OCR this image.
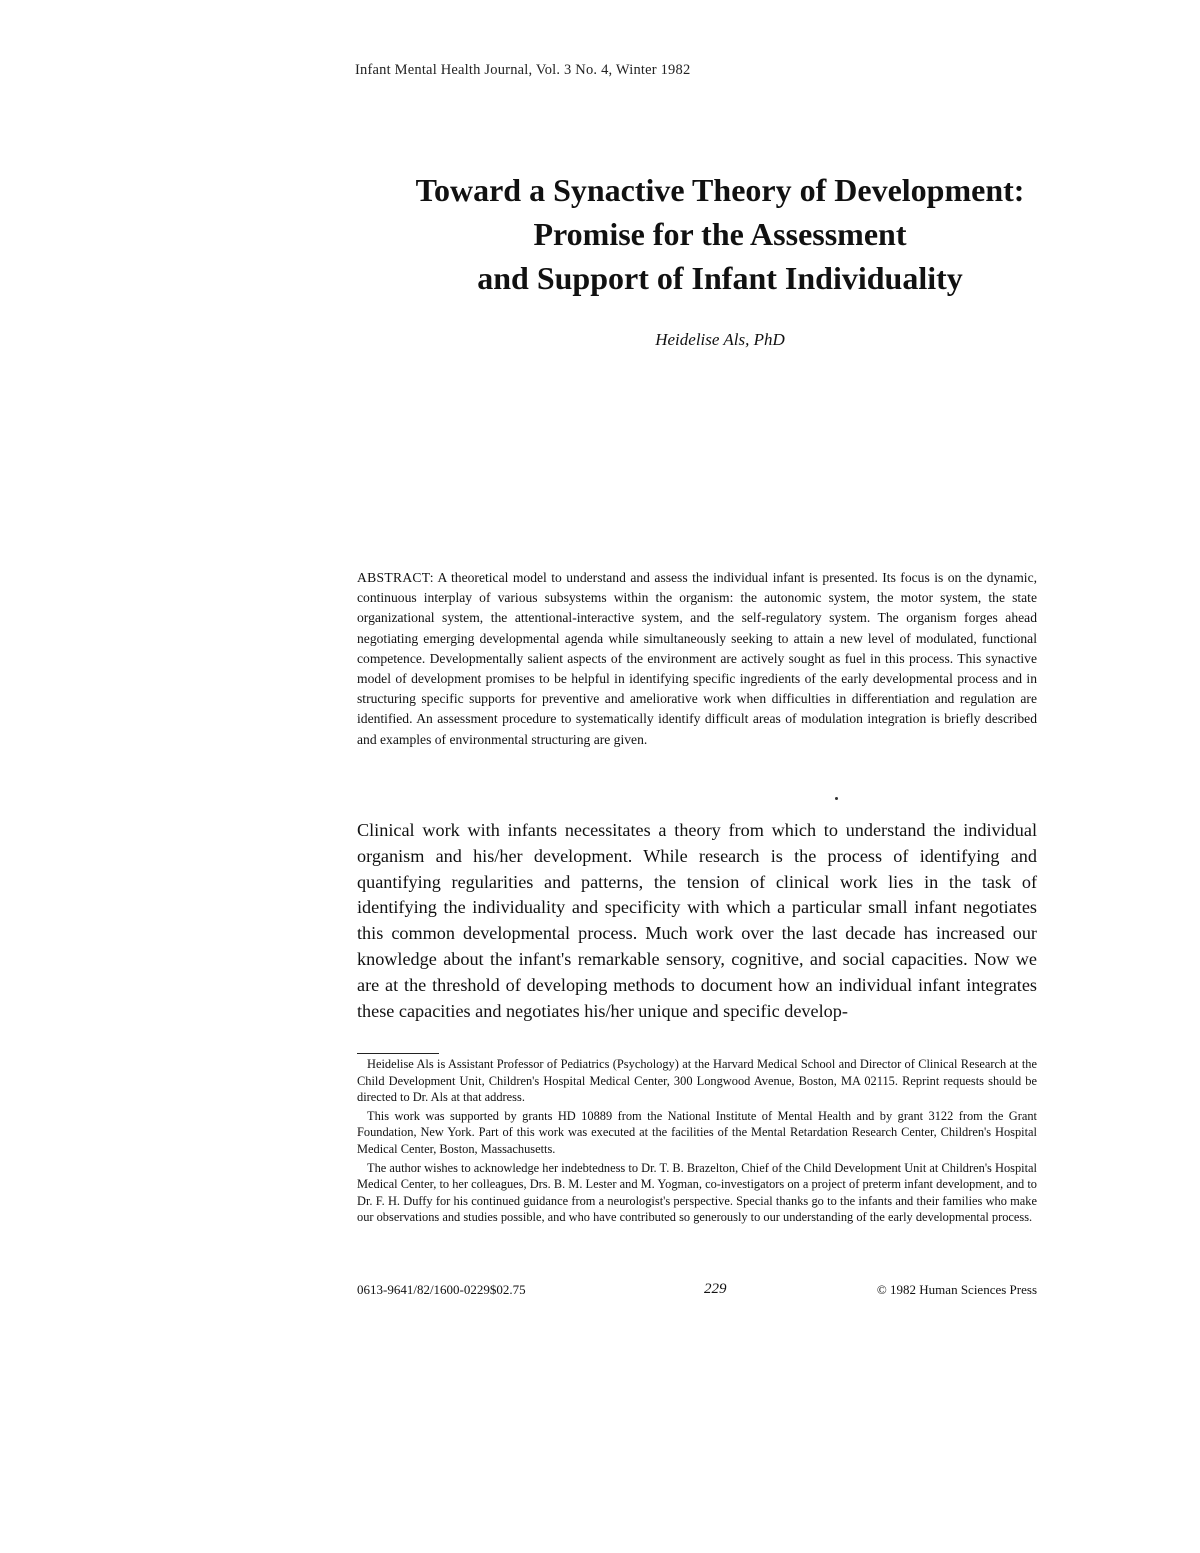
Infant Mental Health Journal, Vol. 3 No. 4, Winter 1982
Toward a Synactive Theory of Development:
Promise for the Assessment
and Support of Infant Individuality
Heidelise Als, PhD

ABSTRACT: A theoretical model to understand and assess the individual infant is presented. Its focus is on the dynamic, continuous interplay of various subsystems within the organism: the autonomic system, the motor system, the state organizational system, the attentional-interactive system, and the self-regulatory system. The organism forges ahead negotiating emerging developmental agenda while simultaneously seeking to attain a new level of modulated, functional competence. Developmentally salient aspects of the environment are actively sought as fuel in this process. This synactive model of development promises to be helpful in identifying specific ingredients of the early developmental process and in structuring specific supports for preventive and ameliorative work when difficulties in differentiation and regulation are identified. An assessment procedure to systematically identify difficult areas of modulation integration is briefly described and examples of environmental structuring are given.

Clinical work with infants necessitates a theory from which to understand the individual organism and his/her development. While research is the process of identifying and quantifying regularities and patterns, the tension of clinical work lies in the task of identifying the individuality and specificity with which a particular small infant negotiates this common developmental process. Much work over the last decade has increased our knowledge about the infant's remarkable sensory, cognitive, and social capacities. Now we are at the threshold of developing methods to document how an individual infant integrates these capacities and negotiates his/her unique and specific develop-

Heidelise Als is Assistant Professor of Pediatrics (Psychology) at the Harvard Medical School and Director of Clinical Research at the Child Development Unit, Children's Hospital Medical Center, 300 Longwood Avenue, Boston, MA 02115. Reprint requests should be directed to Dr. Als at that address.

This work was supported by grants HD 10889 from the National Institute of Mental Health and by grant 3122 from the Grant Foundation, New York. Part of this work was executed at the facilities of the Mental Retardation Research Center, Children's Hospital Medical Center, Boston, Massachusetts.

The author wishes to acknowledge her indebtedness to Dr. T. B. Brazelton, Chief of the Child Development Unit at Children's Hospital Medical Center, to her colleagues, Drs. B. M. Lester and M. Yogman, co-investigators on a project of preterm infant development, and to Dr. F. H. Duffy for his continued guidance from a neurologist's perspective. Special thanks go to the infants and their families who make our observations and studies possible, and who have contributed so generously to our understanding of the early developmental process.

0613-9641/82/1600-0229$02.75	229	© 1982 Human Sciences Press
